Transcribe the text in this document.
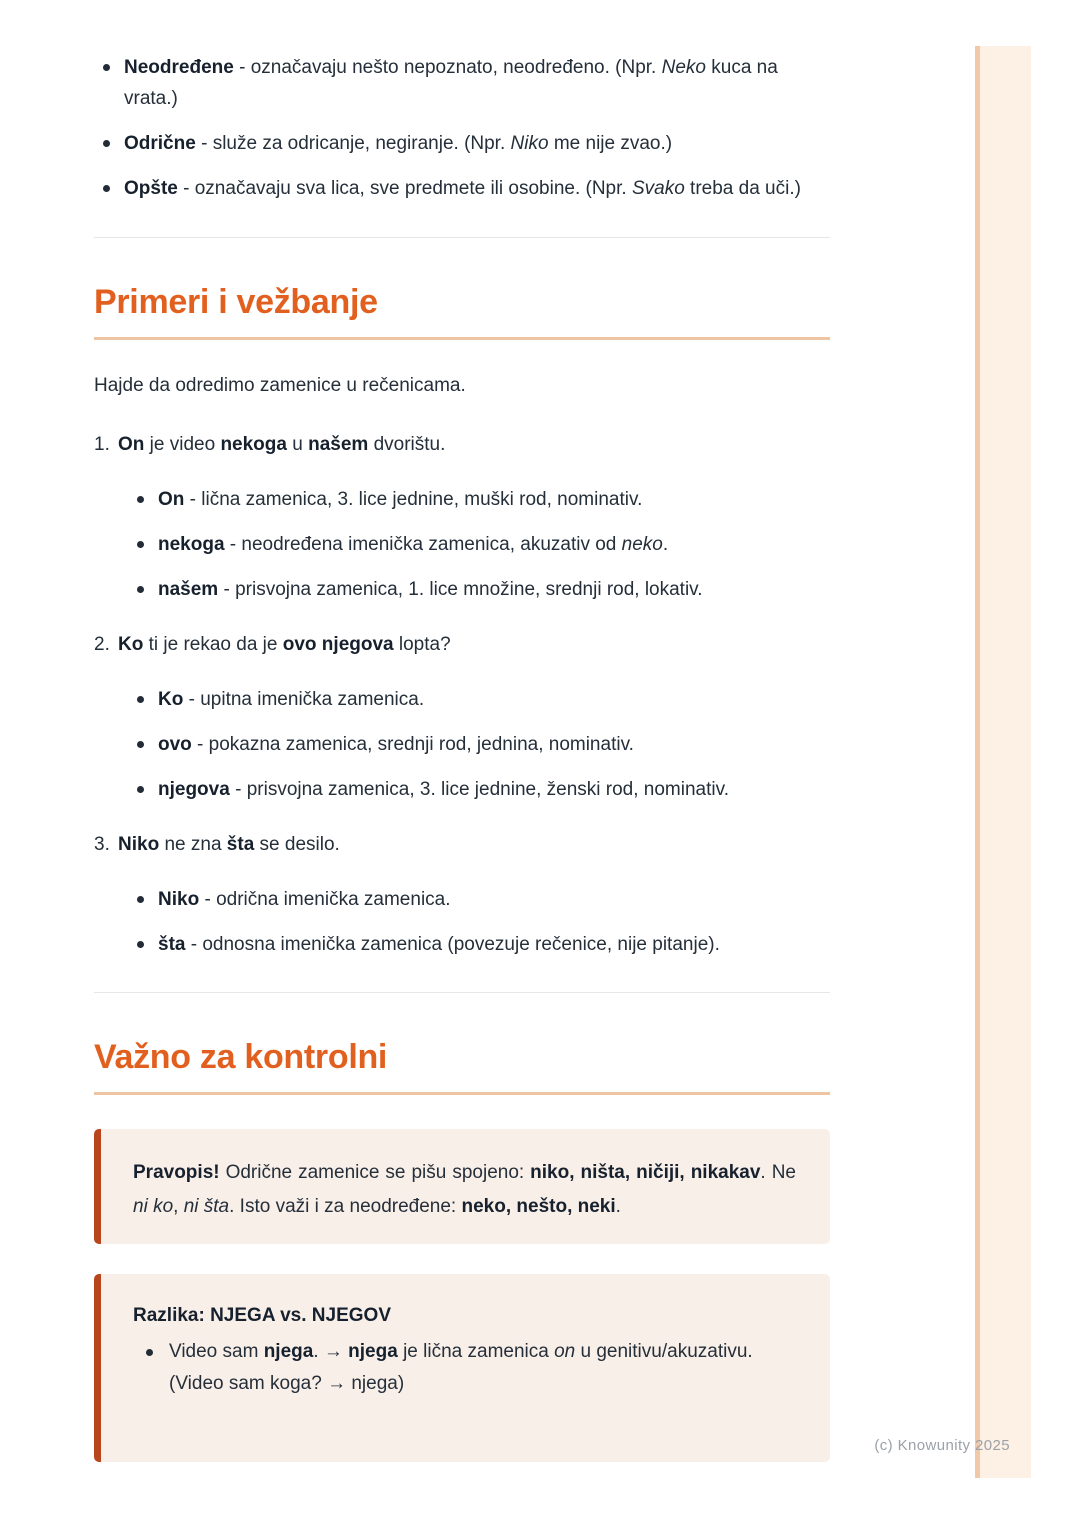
Neodređene - označavaju nešto nepoznato, neodređeno. (Npr. Neko kuca na vrata.)
Odrične - služe za odricanje, negiranje. (Npr. Niko me nije zvao.)
Opšte - označavaju sva lica, sve predmete ili osobine. (Npr. Svako treba da uči.)
Primeri i vežbanje

Hajde da odredimo zamenice u rečenicama.

On je video nekoga u našem dvorištu.
On - lična zamenica, 3. lice jednine, muški rod, nominativ.
nekoga - neodređena imenička zamenica, akuzativ od neko.
našem - prisvojna zamenica, 1. lice množine, srednji rod, lokativ.
Ko ti je rekao da je ovo njegova lopta?
Ko - upitna imenička zamenica.
ovo - pokazna zamenica, srednji rod, jednina, nominativ.
njegova - prisvojna zamenica, 3. lice jednine, ženski rod, nominativ.
Niko ne zna šta se desilo.
Niko - odrična imenička zamenica.
šta - odnosna imenička zamenica (povezuje rečenice, nije pitanje).
Važno za kontrolni

Pravopis! Odrične zamenice se pišu spojeno: niko, ništa, ničiji, nikakav. Ne ni ko, ni šta. Isto važi i za neodređene: neko, nešto, neki.

Razlika: NJEGA vs. NJEGOV

Video sam njega. → njega je lična zamenica on u genitivu/akuzativu. (Video sam koga? → njega)
(c) Knowunity 2025
